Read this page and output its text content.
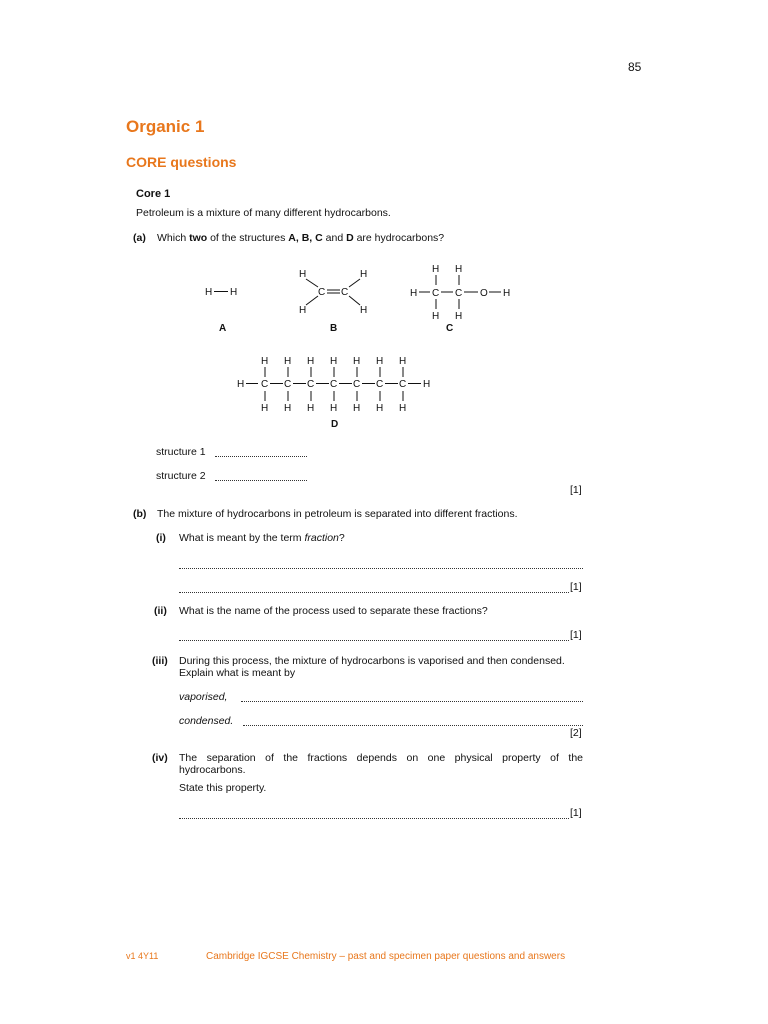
85
Organic 1
CORE questions
Core 1
Petroleum is a mixture of many different hydrocarbons.
(a) Which two of the structures A, B, C and D are hydrocarbons?
H H
A
H	H
H	H
C C
B
H H
H C C O H
H H
C
H
H
C
H
H
C
H
H
C
H
H
C
H
H
C
H
H
C
H
H
C
H
H
D
structure 1
structure 2
[1]
(b) The mixture of hydrocarbons in petroleum is separated into different fractions.
(i) What is meant by the term fraction?
[1]
(ii) What is the name of the process used to separate these fractions?
[1]
(iii) During this process, the mixture of hydrocarbons is vaporised and then condensed.
Explain what is meant by
vaporised,
condensed.
[2]
(iv) The separation of the fractions depends on one physical property of the
hydrocarbons.
State this property.
[1]
v1 4Y11	Cambridge IGCSE Chemistry – past and specimen paper questions and answers
